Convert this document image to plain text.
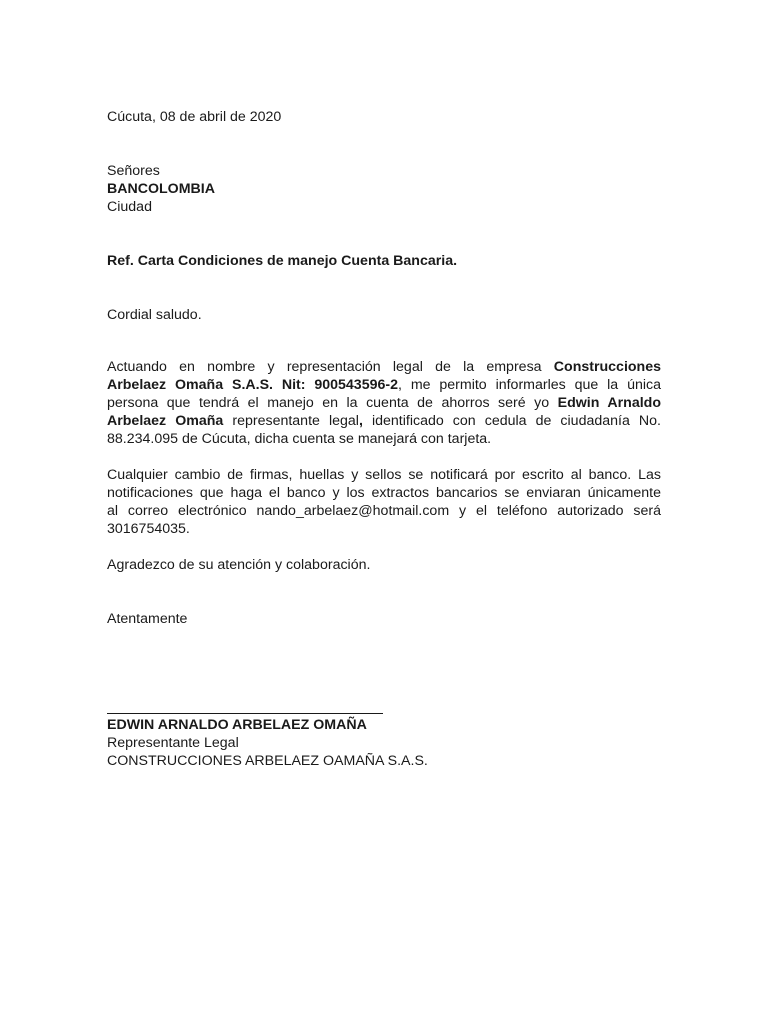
Cúcuta, 08 de abril de 2020
Señores
BANCOLOMBIA
Ciudad
Ref. Carta Condiciones de manejo Cuenta Bancaria.
Cordial saludo.
Actuando en nombre y representación legal de la empresa Construcciones
Arbelaez Omaña S.A.S. Nit: 900543596-2, me permito informarles que la única
persona que tendrá el manejo en la cuenta de ahorros seré yo Edwin Arnaldo
Arbelaez Omaña representante legal, identificado con cedula de ciudadanía No.
88.234.095 de Cúcuta, dicha cuenta se manejará con tarjeta.
Cualquier cambio de firmas, huellas y sellos se notificará por escrito al banco. Las
notificaciones que haga el banco y los extractos bancarios se enviaran únicamente
al correo electrónico nando_arbelaez@hotmail.com y el teléfono autorizado será
3016754035.
Agradezco de su atención y colaboración.
Atentamente
EDWIN ARNALDO ARBELAEZ OMAÑA
Representante Legal
CONSTRUCCIONES ARBELAEZ OAMAÑA S.A.S.
